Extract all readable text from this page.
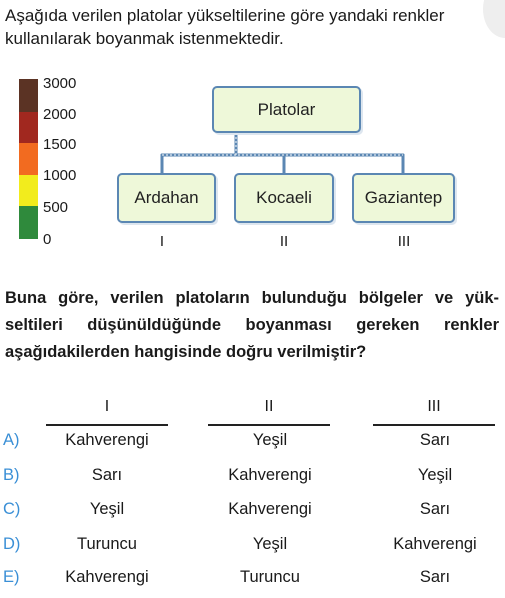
Aşağıda verilen platolar yükseltilerine göre yandaki renkler
kullanılarak boyanmak istenmektedir.
3000
2000
1500
1000
500
0
Platolar
Ardahan	Kocaeli	Gaziantep
I	II	III
Buna göre, verilen platoların bulunduğu bölgeler ve yük-
seltileri düşünüldüğünde boyanması gereken renkler
aşağıdakilerden hangisinde doğru verilmiştir?
I	II	III
A)	Kahverengi	Yeşil	Sarı
B)	Sarı	Kahverengi	Yeşil
C)	Yeşil	Kahverengi	Sarı
D)	Turuncu	Yeşil	Kahverengi
E)	Kahverengi	Turuncu	Sarı
